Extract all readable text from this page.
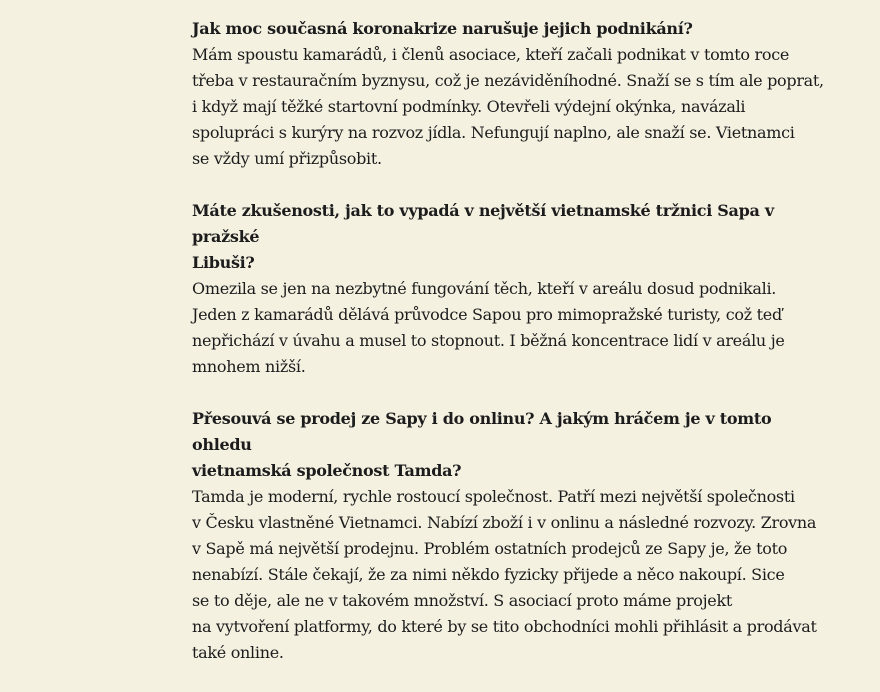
Jak moc současná koronakrize narušuje jejich podnikání?

Mám spoustu kamarádů, i členů asociace, kteří začali podnikat v tomto roce
třeba v restauračním byznysu, což je nezáviděníhodné. Snaží se s tím ale poprat,
i když mají těžké startovní podmínky. Otevřeli výdejní okýnka, navázali
spolupráci s kurýry na rozvoz jídla. Nefungují naplno, ale snaží se. Vietnamci
se vždy umí přizpůsobit.

Máte zkušenosti, jak to vypadá v největší vietnamské tržnici Sapa v pražské
Libuši?

Omezila se jen na nezbytné fungování těch, kteří v areálu dosud podnikali.
Jeden z kamarádů dělává průvodce Sapou pro mimopražské turisty, což teď
nepřichází v úvahu a musel to stopnout. I běžná koncentrace lidí v areálu je
mnohem nižší.

Přesouvá se prodej ze Sapy i do onlinu? A jakým hráčem je v tomto ohledu
vietnamská společnost Tamda?

Tamda je moderní, rychle rostoucí společnost. Patří mezi největší společnosti
v Česku vlastněné Vietnamci. Nabízí zboží i v onlinu a následné rozvozy. Zrovna
v Sapě má největší prodejnu. Problém ostatních prodejců ze Sapy je, že toto
nenabízí. Stále čekají, že za nimi někdo fyzicky přijede a něco nakoupí. Sice
se to děje, ale ne v takovém množství. S asociací proto máme projekt
na vytvoření platformy, do které by se tito obchodníci mohli přihlásit a prodávat
také online.
